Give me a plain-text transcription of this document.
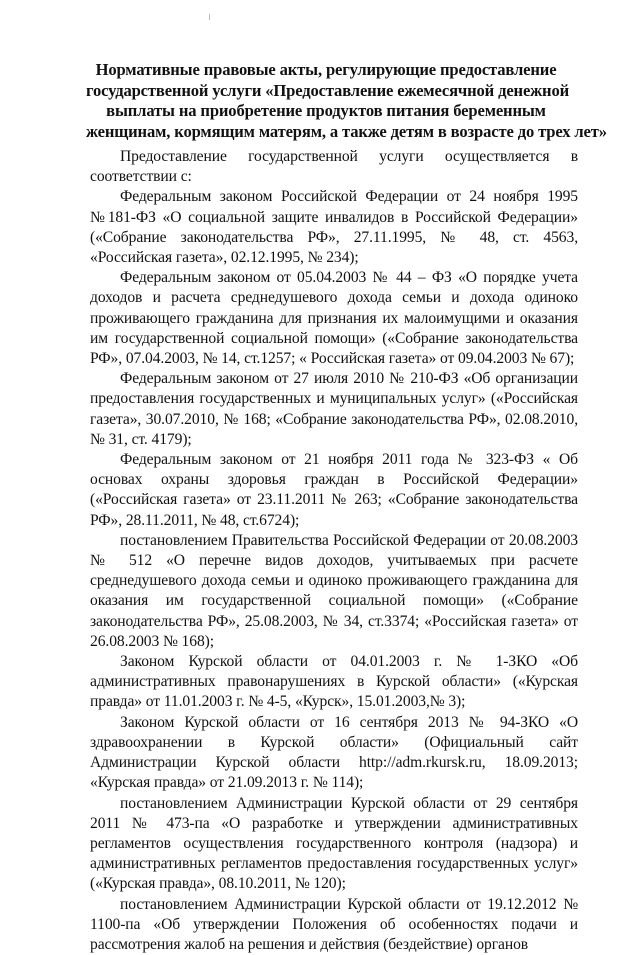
Нормативные правовые акты, регулирующие предоставление
государственной услуги «Предоставление ежемесячной денежной
выплаты на приобретение продуктов питания беременным
женщинам, кормящим матерям, а также детям в возрасте до трех лет»

Предоставление государственной услуги осуществляется в соответствии с:

Федеральным законом Российской Федерации от 24 ноября 1995 №181-ФЗ «О социальной защите инвалидов в Российской Федерации» («Собрание законодательства РФ», 27.11.1995, № 48, ст. 4563, «Российская газета», 02.12.1995, № 234);

Федеральным законом от 05.04.2003 № 44 – ФЗ «О порядке учета доходов и расчета среднедушевого дохода семьи и дохода одиноко проживающего гражданина для признания их малоимущими и оказания им государственной социальной помощи» («Собрание законодательства РФ», 07.04.2003, № 14, ст.1257; « Российская газета» от 09.04.2003 № 67);

Федеральным законом от 27 июля 2010 № 210-ФЗ «Об организации предоставления государственных и муниципальных услуг» («Российская газета», 30.07.2010, № 168; «Собрание законодательства РФ», 02.08.2010, № 31, ст. 4179);

Федеральным законом от 21 ноября 2011 года № 323-ФЗ « Об основах охраны здоровья граждан в Российской Федерации» («Российская газета» от 23.11.2011 № 263; «Собрание законодательства РФ», 28.11.2011, № 48, ст.6724);

постановлением Правительства Российской Федерации от 20.08.2003 № 512 «О перечне видов доходов, учитываемых при расчете среднедушевого дохода семьи и одиноко проживающего гражданина для оказания им государственной социальной помощи» («Собрание законодательства РФ», 25.08.2003, № 34, ст.3374; «Российская газета» от 26.08.2003 № 168);

Законом Курской области от 04.01.2003 г. № 1-ЗКО «Об административных правонарушениях в Курской области» («Курская правда» от 11.01.2003 г. № 4-5, «Курск», 15.01.2003,№ 3);

Законом Курской области от 16 сентября 2013 № 94-ЗКО «О здравоохранении в Курской области» (Официальный сайт Администрации Курской области http://adm.rkursk.ru, 18.09.2013; «Курская правда» от 21.09.2013 г. № 114);

постановлением Администрации Курской области от 29 сентября 2011 № 473-па «О разработке и утверждении административных регламентов осуществления государственного контроля (надзора) и административных регламентов предоставления государственных услуг» («Курская правда», 08.10.2011, № 120);

постановлением Администрации Курской области от 19.12.2012 № 1100-па «Об утверждении Положения об особенностях подачи и рассмотрения жалоб на решения и действия (бездействие) органов
